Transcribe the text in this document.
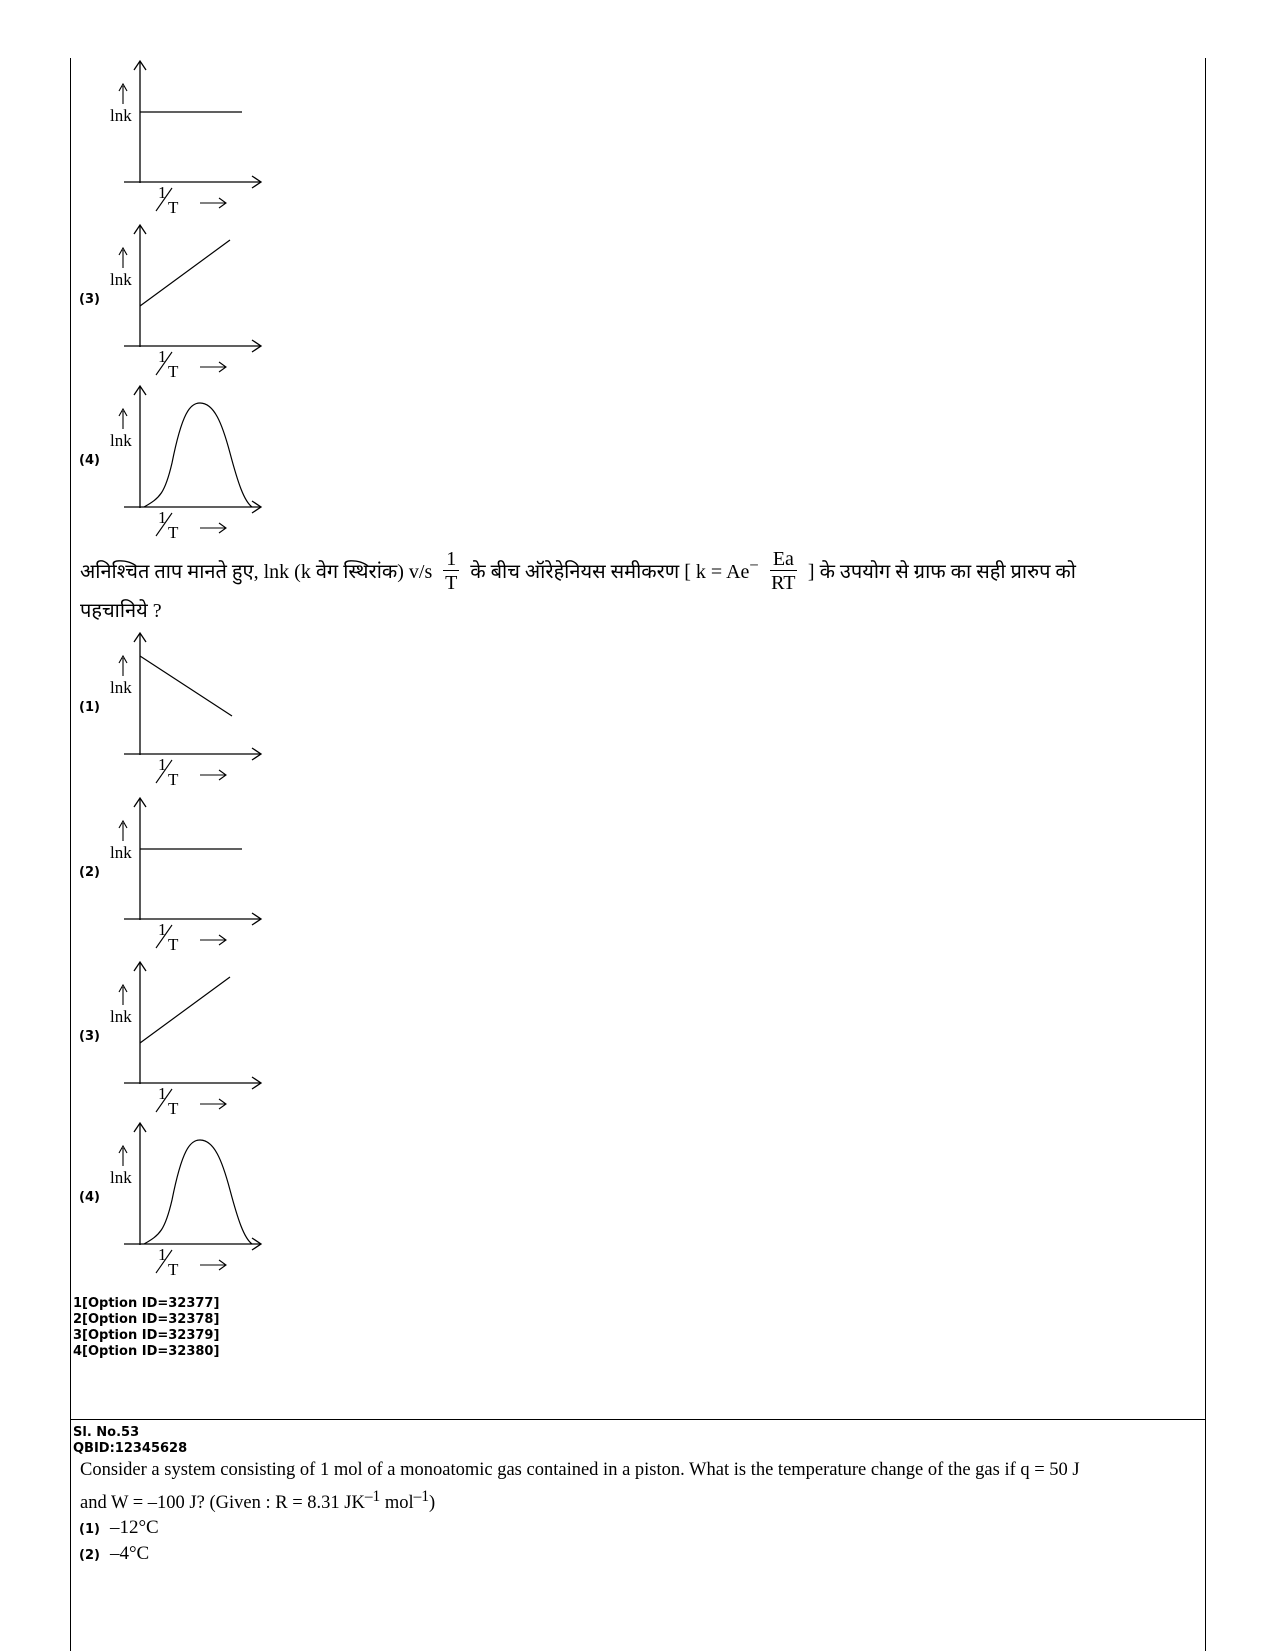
lnk
1
T
(3)
lnk
1
T
(4)
lnk
1
T
अनिश्चित ताप मानते हुए, lnk (k वेग स्थिरांक) $v/s \frac{1}{T}$ के बीच ऑरेहेनियस समीकरण [ $k = Ae^- \frac{Ea}{RT}$ ] के उपयोग से ग्राफ का सही प्रारुप को
पहचानिये ?
(1)
lnk
1
T
(2)
lnk
1
T
(3)
lnk
1
T
(4)
lnk
1
T
1[Option ID=32377]
2[Option ID=32378]
3[Option ID=32379]
4[Option ID=32380]
Sl. No.53
QBID:12345628
Consider a system consisting of 1 mol of a monoatomic gas contained in a piston. What is the temperature change of the gas if q = 50 J
and W = –100 J? (Given : R = 8.31 $JK^{-1}$ mol$^{-1}$)
(1) –12°C
(2) –4°C
